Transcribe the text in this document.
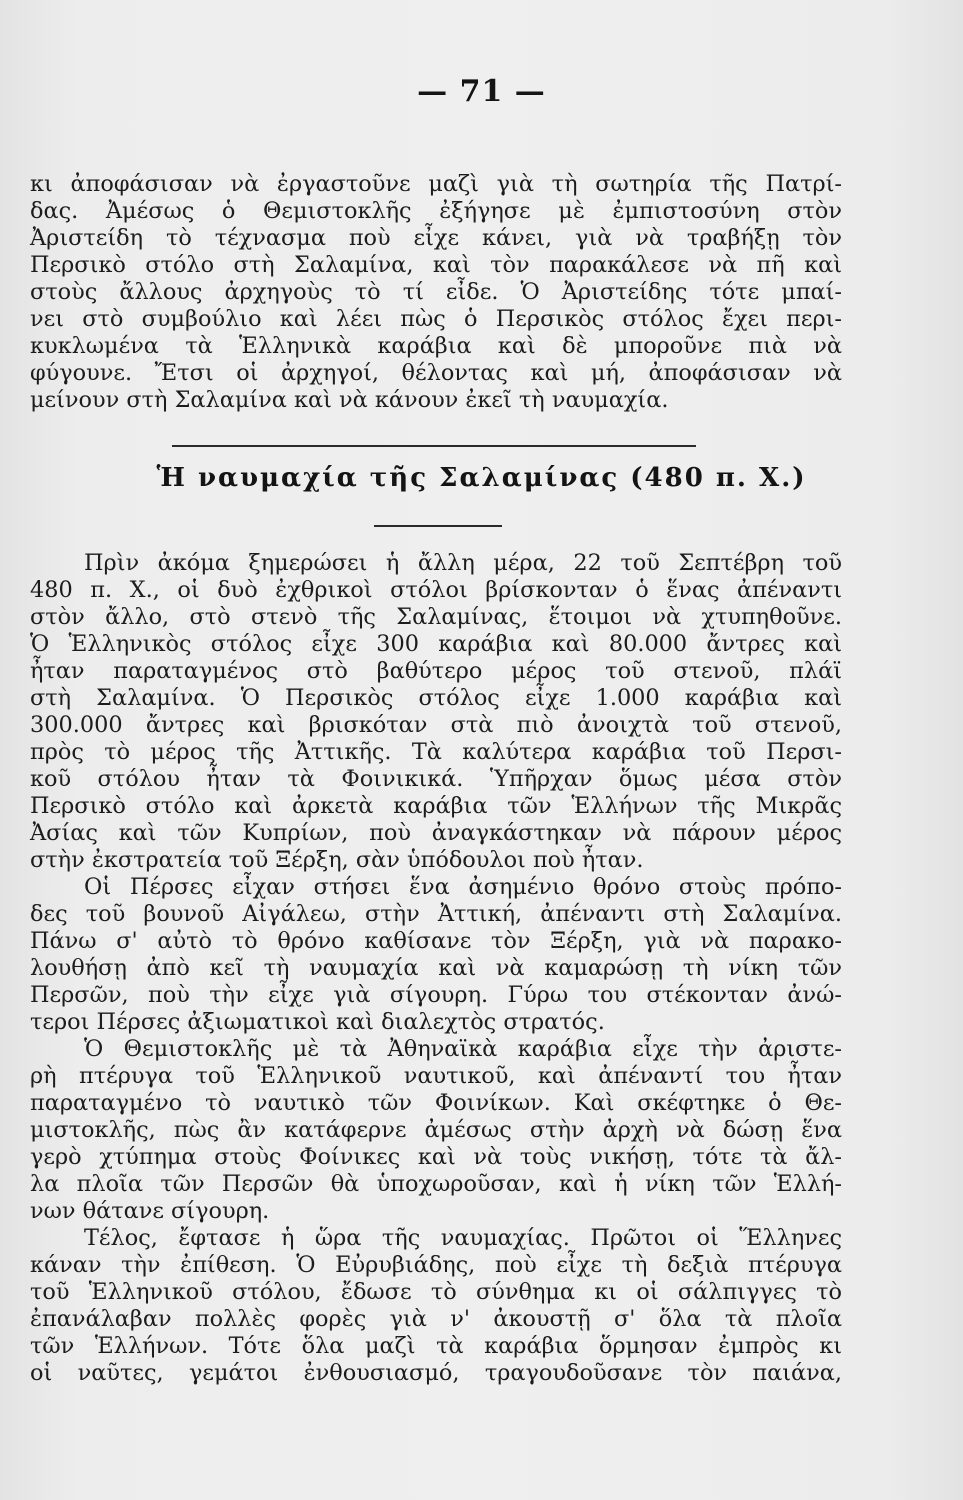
— 71 —
κι ἀποφάσισαν νὰ ἐργαστοῦνε μαζὶ γιὰ τὴ σωτηρία τῆς Πατρί-
δας. Ἀμέσως ὁ Θεμιστοκλῆς ἐξήγησε μὲ ἐμπιστοσύνη στὸν
Ἀριστείδη τὸ τέχνασμα ποὺ εἶχε κάνει, γιὰ νὰ τραβήξῃ τὸν
Περσικὸ στόλο στὴ Σαλαμίνα, καὶ τὸν παρακάλεσε νὰ πῆ καὶ
στοὺς ἄλλους ἀρχηγοὺς τὸ τί εἶδε. Ὁ Ἀριστείδης τότε μπαί-
νει στὸ συμβούλιο καὶ λέει πὼς ὁ Περσικὸς στόλος ἔχει περι-
κυκλωμένα τὰ Ἑλληνικὰ καράβια καὶ δὲ μποροῦνε πιὰ νὰ
φύγουνε. Ἔτσι οἱ ἀρχηγοί, θέλοντας καὶ μή, ἀποφάσισαν νὰ
μείνουν στὴ Σαλαμίνα καὶ νὰ κάνουν ἐκεῖ τὴ ναυμαχία.
Ἡ ναυμαχία τῆς Σαλαμίνας (480 π. Χ.)
Πρὶν ἀκόμα ξημερώσει ἡ ἄλλη μέρα, 22 τοῦ Σεπτέβρη τοῦ
480 π. Χ., οἱ δυὸ ἐχθρικοὶ στόλοι βρίσκονταν ὁ ἕνας ἀπέναντι
στὸν ἄλλο, στὸ στενὸ τῆς Σαλαμίνας, ἕτοιμοι νὰ χτυπηθοῦνε.
Ὁ Ἑλληνικὸς στόλος εἶχε 300 καράβια καὶ 80.000 ἄντρες καὶ
ἦταν παραταγμένος στὸ βαθύτερο μέρος τοῦ στενοῦ, πλάϊ
στὴ Σαλαμίνα. Ὁ Περσικὸς στόλος εἶχε 1.000 καράβια καὶ
300.000 ἄντρες καὶ βρισκόταν στὰ πιὸ ἀνοιχτὰ τοῦ στενοῦ,
πρὸς τὸ μέρος τῆς Ἀττικῆς. Τὰ καλύτερα καράβια τοῦ Περσι-
κοῦ στόλου ἦταν τὰ Φοινικικά. Ὑπῆρχαν ὅμως μέσα στὸν
Περσικὸ στόλο καὶ ἀρκετὰ καράβια τῶν Ἑλλήνων τῆς Μικρᾶς
Ἀσίας καὶ τῶν Κυπρίων, ποὺ ἀναγκάστηκαν νὰ πάρουν μέρος
στὴν ἐκστρατεία τοῦ Ξέρξη, σὰν ὑπόδουλοι ποὺ ἦταν.
Οἱ Πέρσες εἶχαν στήσει ἕνα ἀσημένιο θρόνο στοὺς πρόπο-
δες τοῦ βουνοῦ Αἰγάλεω, στὴν Ἀττική, ἀπέναντι στὴ Σαλαμίνα.
Πάνω σ' αὐτὸ τὸ θρόνο καθίσανε τὸν Ξέρξη, γιὰ νὰ παρακο-
λουθήσῃ ἀπὸ κεῖ τὴ ναυμαχία καὶ νὰ καμαρώσῃ τὴ νίκη τῶν
Περσῶν, ποὺ τὴν εἶχε γιὰ σίγουρη. Γύρω του στέκονταν ἀνώ-
τεροι Πέρσες ἀξιωματικοὶ καὶ διαλεχτὸς στρατός.
Ὁ Θεμιστοκλῆς μὲ τὰ Ἀθηναϊκὰ καράβια εἶχε τὴν ἀριστε-
ρὴ πτέρυγα τοῦ Ἑλληνικοῦ ναυτικοῦ, καὶ ἀπέναντί του ἦταν
παραταγμένο τὸ ναυτικὸ τῶν Φοινίκων. Καὶ σκέφτηκε ὁ Θε-
μιστοκλῆς, πὼς ἂν κατάφερνε ἀμέσως στὴν ἀρχὴ νὰ δώσῃ ἕνα
γερὸ χτύπημα στοὺς Φοίνικες καὶ νὰ τοὺς νικήσῃ, τότε τὰ ἄλ-
λα πλοῖα τῶν Περσῶν θὰ ὑποχωροῦσαν, καὶ ἡ νίκη τῶν Ἑλλή-
νων θάτανε σίγουρη.
Τέλος, ἔφτασε ἡ ὥρα τῆς ναυμαχίας. Πρῶτοι οἱ Ἕλληνες
κάναν τὴν ἐπίθεση. Ὁ Εὐρυβιάδης, ποὺ εἶχε τὴ δεξιὰ πτέρυγα
τοῦ Ἑλληνικοῦ στόλου, ἔδωσε τὸ σύνθημα κι οἱ σάλπιγγες τὸ
ἐπανάλαβαν πολλὲς φορὲς γιὰ ν' ἀκουστῇ σ' ὅλα τὰ πλοῖα
τῶν Ἑλλήνων. Τότε ὅλα μαζὶ τὰ καράβια ὅρμησαν ἐμπρὸς κι
οἱ ναῦτες, γεμάτοι ἐνθουσιασμό, τραγουδοῦσανε τὸν παιάνα,
